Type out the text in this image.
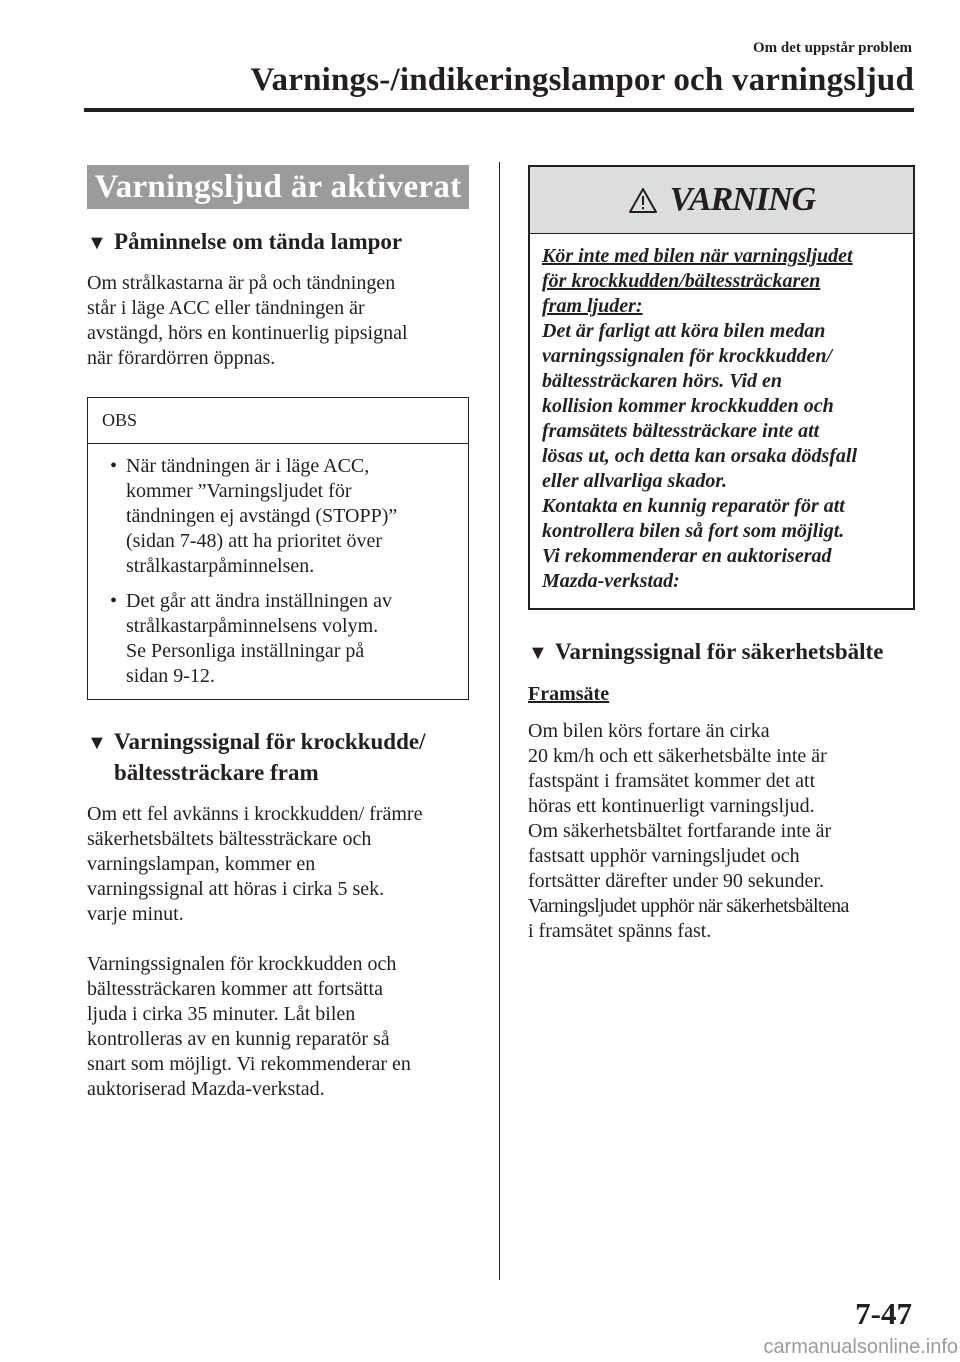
Om det uppstår problem
Varnings-/indikeringslampor och varningsljud
Varningsljud är aktiverat
▼ Påminnelse om tända lampor

Om strålkastarna är på och tändningen
står i läge ACC eller tändningen är
avstängd, hörs en kontinuerlig pipsignal
när förardörren öppnas.

OBS
• När tändningen är i läge ACC,
kommer ”Varningsljudet för
tändningen ej avstängd (STOPP)”
(sidan 7-48) att ha prioritet över
strålkastarpåminnelsen.
• Det går att ändra inställningen av
strålkastarpåminnelsens volym.
Se Personliga inställningar på
sidan 9-12.
▼ Varningssignal för krockkudde/
bältessträckare fram

Om ett fel avkänns i krockkudden/ främre
säkerhetsbältets bältessträckare och
varningslampan, kommer en
varningssignal att höras i cirka 5 sek.
varje minut.

Varningssignalen för krockkudden och
bältessträckaren kommer att fortsätta
ljuda i cirka 35 minuter. Låt bilen
kontrolleras av en kunnig reparatör så
snart som möjligt. Vi rekommenderar en
auktoriserad Mazda-verkstad.

VARNING
Kör inte med bilen när varningsljudet
för krockkudden/bältessträckaren
fram ljuder:
Det är farligt att köra bilen medan
varningssignalen för krockkudden/
bältessträckaren hörs. Vid en
kollision kommer krockkudden och
framsätets bältessträckare inte att
lösas ut, och detta kan orsaka dödsfall
eller allvarliga skador.
Kontakta en kunnig reparatör för att
kontrollera bilen så fort som möjligt.
Vi rekommenderar en auktoriserad
Mazda-verkstad:
▼ Varningssignal för säkerhetsbälte
Framsäte

Om bilen körs fortare än cirka
20 km/h och ett säkerhetsbälte inte är
fastspänt i framsätet kommer det att
höras ett kontinuerligt varningsljud.
Om säkerhetsbältet fortfarande inte är
fastsatt upphör varningsljudet och
fortsätter därefter under 90 sekunder.
Varningsljudet upphör när säkerhetsbältena
i framsätet spänns fast.

7-47
carmanualsonline.info
